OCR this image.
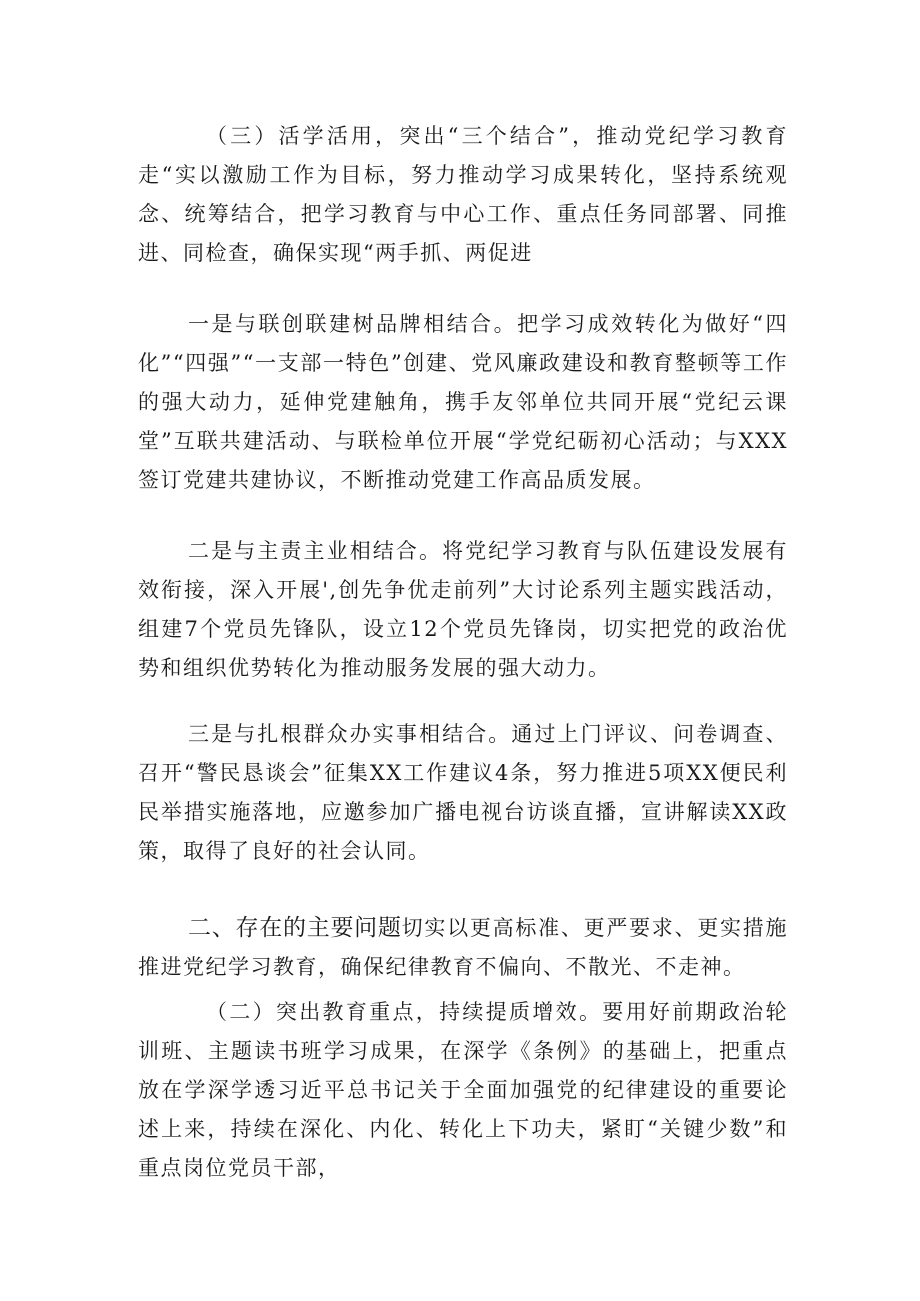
（三）活学活用，突出“三个结合”，推动党纪学习教育走“实以激励工作为目标，努力推动学习成果转化，坚持系统观念、统筹结合，把学习教育与中心工作、重点任务同部署、同推进、同检查，确保实现“两手抓、两促进

一是与联创联建树品牌相结合。把学习成效转化为做好“四化”“四强”“一支部一特色”创建、党风廉政建设和教育整顿等工作的强大动力，延伸党建触角，携手友邻单位共同开展“党纪云课堂”互联共建活动、与联检单位开展“学党纪砺初心活动；与XXX签订党建共建协议，不断推动党建工作高品质发展。

二是与主责主业相结合。将党纪学习教育与队伍建设发展有效衔接，深入开展',创先争优走前列”大讨论系列主题实践活动，组建7个党员先锋队，设立12个党员先锋岗，切实把党的政治优势和组织优势转化为推动服务发展的强大动力。

三是与扎根群众办实事相结合。通过上门评议、问卷调查、召开“警民恳谈会”征集XX工作建议4条，努力推进5项XX便民利民举措实施落地，应邀参加广播电视台访谈直播，宣讲解读XX政策，取得了良好的社会认同。

二、存在的主要问题切实以更高标准、更严要求、更实措施推进党纪学习教育，确保纪律教育不偏向、不散光、不走神。

（二）突出教育重点，持续提质增效。要用好前期政治轮训班、主题读书班学习成果，在深学《条例》的基础上，把重点放在学深学透习近平总书记关于全面加强党的纪律建设的重要论述上来，持续在深化、内化、转化上下功夫，紧盯“关键少数”和重点岗位党员干部，
